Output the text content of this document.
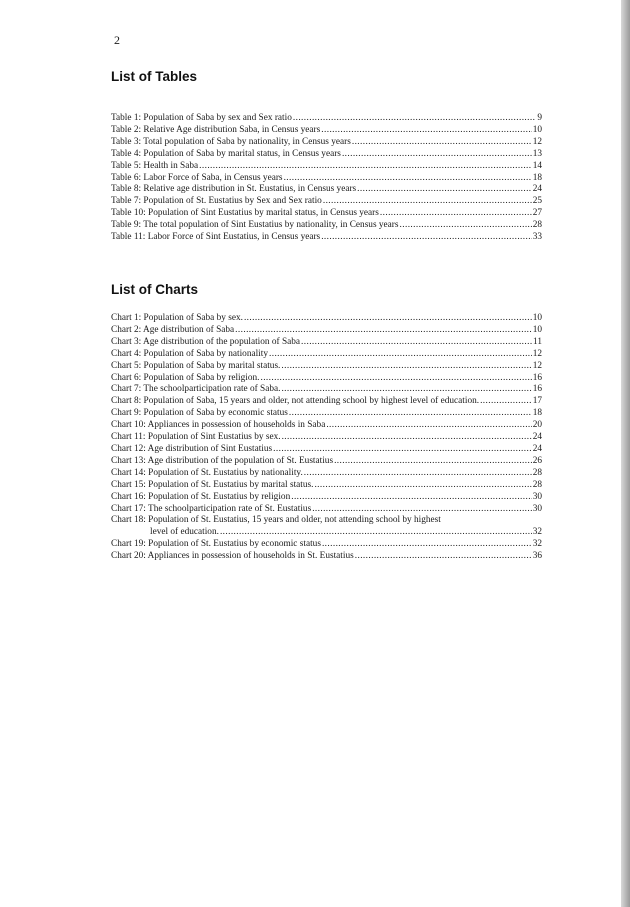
2
List of Tables
Table 1: Population of Saba by sex and Sex ratio .....	9
Table 2: Relative Age distribution Saba, in Census years .....	10
Table 3: Total population of Saba by nationality, in Census years .....	12
Table 4: Population of Saba by marital status, in Census years .....	13
Table 5: Health in Saba .....	14
Table 6: Labor Force of Saba, in Census years .....	18
Table 8: Relative age distribution in St. Eustatius, in Census years .....	24
Table 7: Population of St. Eustatius by Sex and Sex ratio .....	25
Table 10: Population of Sint Eustatius by marital status, in Census years .....	27
Table 9: The total population of Sint Eustatius by nationality, in Census years .....	28
Table 11: Labor Force of Sint Eustatius, in Census years .....	33
List of Charts
Chart 1: Population of Saba by sex. .....	10
Chart 2: Age distribution of Saba .....	10
Chart 3: Age distribution of the population of Saba .....	11
Chart 4: Population of Saba by nationality .....	12
Chart 5: Population of Saba by marital status. .....	12
Chart 6: Population of Saba by religion. .....	16
Chart 7: The schoolparticipation rate of Saba. .....	16
Chart 8: Population of Saba, 15 years and older, not attending school by highest level of education. .....	17
Chart 9: Population of Saba by economic status .....	18
Chart 10: Appliances in possession of households in Saba .....	20
Chart 11: Population of Sint Eustatius by sex. .....	24
Chart 12: Age distribution of Sint Eustatius .....	24
Chart 13: Age distribution of the population of St. Eustatius .....	26
Chart 14: Population of St. Eustatius by nationality. .....	28
Chart 15: Population of St. Eustatius by marital status. .....	28
Chart 16: Population of St. Eustatius by religion .....	30
Chart 17: The schoolparticipation rate of St. Eustatius .....	30
Chart 18: Population of St. Eustatius, 15 years and older, not attending school by highest
level of education. .....	32
Chart 19: Population of St. Eustatius by economic status .....	32
Chart 20: Appliances in possession of households in St. Eustatius .....	36
